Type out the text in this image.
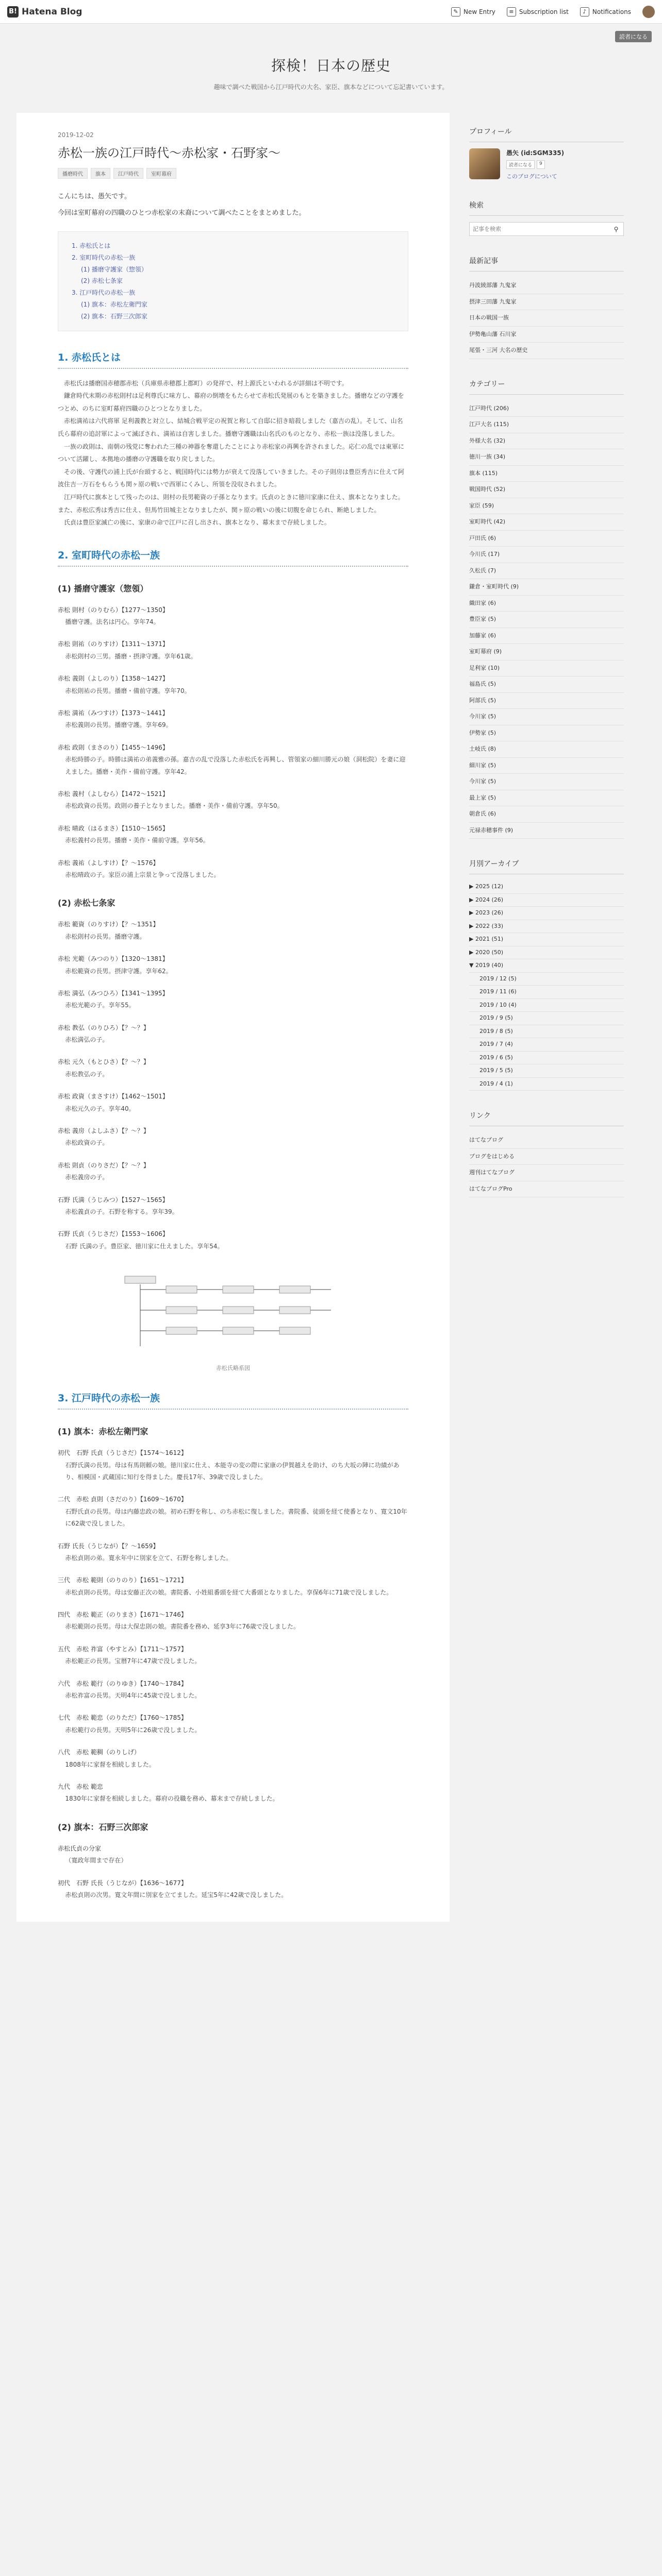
B! Hatena Blog	✎ New Entry	≡ Subscription list	♪ Notifications
読者になる
探検！日本の歴史
趣味で調べた戦国から江戸時代の大名、家臣、旗本などについて忘記書いています。
2019-12-02
赤松一族の江戸時代〜赤松家・石野家〜
播磨時代	旗本	江戸時代	室町幕府

こんにちは、愚矢です。

今回は室町幕府の四職のひとつ赤松家の末裔について調べたことをまとめました。

1. 赤松氏とは
2. 室町時代の赤松一族
(1) 播磨守護家（惣領）
(2) 赤松七条家
3. 江戸時代の赤松一族
(1) 旗本：赤松左衛門家
(2) 旗本：石野三次郎家
1. 赤松氏とは

赤松氏は播磨国赤穂郡赤松（兵庫県赤穂郡上郡町）の発祥で、村上源氏といわれるが詳細は不明です。

鎌倉時代末期の赤松則村は足利尊氏に味方し、幕府の倒壊をもたらせて赤松氏発展のもとを築きました。播磨などの守護をつとめ、のちに室町幕府四職のひとつとなりました。

赤松満祐は六代将軍 足利義教と対立し、結城合戦平定の祝賀と称して自邸に招き暗殺しました（嘉吉の乱）。そして、山名氏ら幕府の追討軍によって滅ぼされ、満祐は自害しました。播磨守護職は山名氏のものとなり、赤松一族は没落しました。

一族の政則は、南朝の残党に奪われた三種の神器を奪還したことにより赤松家の再興を許されました。応仁の乱では東軍について活躍し、本拠地の播磨の守護職を取り戻しました。

その後、守護代の浦上氏が台頭すると、戦国時代には勢力が衰えて没落していきました。その子則房は豊臣秀吉に仕えて阿波住吉一万石をもらうも関ヶ原の戦いで西軍にくみし、所領を没収されました。

江戸時代に旗本として残ったのは、則村の長男範資の子孫となります。氏貞のときに徳川家康に仕え、旗本となりました。また、赤松広秀は秀吉に仕え、但馬竹田城主となりましたが、関ヶ原の戦いの後に切腹を命じられ、断絶しました。

氏貞は豊臣家滅亡の後に、家康の命で江戸に召し出され、旗本となり、幕末まで存続しました。

2. 室町時代の赤松一族
(1) 播磨守護家（惣領）
赤松 則村（のりむら）【1277〜1350】
播磨守護。法名は円心。享年74。
赤松 則祐（のりすけ）【1311〜1371】
赤松則村の三男。播磨・摂津守護。享年61歳。
赤松 義則（よしのり）【1358〜1427】
赤松則祐の長男。播磨・備前守護。享年70。
赤松 満祐（みつすけ）【1373〜1441】
赤松義則の長男。播磨守護。享年69。
赤松 政則（まさのり）【1455〜1496】
赤松時勝の子。時勝は満祐の弟義雅の孫。嘉吉の乱で没落した赤松氏を再興し、管領家の細川勝元の娘（洞松院）を妻に迎えました。播磨・美作・備前守護。享年42。
赤松 義村（よしむら）【1472〜1521】
赤松政資の長男。政則の養子となりました。播磨・美作・備前守護。享年50。
赤松 晴政（はるまさ）【1510〜1565】
赤松義村の長男。播磨・美作・備前守護。享年56。
赤松 義祐（よしすけ）【？〜1576】
赤松晴政の子。家臣の浦上宗景と争って没落しました。
(2) 赤松七条家
赤松 範資（のりすけ）【？〜1351】
赤松則村の長男。播磨守護。
赤松 光範（みつのり）【1320〜1381】
赤松範資の長男。摂津守護。享年62。
赤松 満弘（みつひろ）【1341〜1395】
赤松光範の子。享年55。
赤松 教弘（のりひろ）【？〜？】
赤松満弘の子。
赤松 元久（もとひさ）【？〜？】
赤松教弘の子。
赤松 政資（まさすけ）【1462〜1501】
赤松元久の子。享年40。
赤松 義房（よしふさ）【？〜？】
赤松政資の子。
赤松 則貞（のりさだ）【？〜？】
赤松義房の子。
石野 氏満（うじみつ）【1527〜1565】
赤松義貞の子。石野を称する。享年39。
石野 氏貞（うじさだ）【1553〜1606】
石野 氏満の子。豊臣家、徳川家に仕えました。享年54。
赤松氏略系図
3. 江戸時代の赤松一族
(1) 旗本：赤松左衛門家
初代　石野 氏貞（うじさだ）【1574〜1612】
石野氏満の長男。母は有馬則頼の娘。徳川家に仕え、本能寺の変の際に家康の伊賀越えを助け、のち大坂の陣に功績があり、相模国・武蔵国に知行を得ました。慶長17年、39歳で没しました。
二代　赤松 貞則（さだのり）【1609〜1670】
石野氏貞の長男。母は内藤忠政の娘。初め石野を称し、のち赤松に復しました。書院番、徒頭を経て使番となり、寛文10年に62歳で没しました。
石野 氏長（うじなが）【？〜1659】
赤松貞則の弟。寛永年中に別家を立て、石野を称しました。
三代　赤松 範則（のりのり）【1651〜1721】
赤松貞則の長男。母は安藤正次の娘。書院番、小姓組番頭を経て大番頭となりました。享保6年に71歳で没しました。
四代　赤松 範正（のりまさ）【1671〜1746】
赤松範則の長男。母は大保忠則の娘。書院番を務め、延享3年に76歳で没しました。
五代　赤松 祚富（やすとみ）【1711〜1757】
赤松範正の長男。宝暦7年に47歳で没しました。
六代　赤松 範行（のりゆき）【1740〜1784】
赤松祚富の長男。天明4年に45歳で没しました。
七代　赤松 範忠（のりただ）【1760〜1785】
赤松範行の長男。天明5年に26歳で没しました。
八代　赤松 範稠（のりしげ）
1808年に家督を相続しました。
九代　赤松 範忠
1830年に家督を相続しました。幕府の役職を務め、幕末まで存続しました。
(2) 旗本：石野三次郎家
赤松氏貞の分家
（寛政年間まで存在）
初代　石野 氏長（うじなが）【1636〜1677】
赤松貞則の次男。寛文年間に別家を立てました。延宝5年に42歳で没しました。
プロフィール
愚矢 (id:SGM335)
読者になる	9
このブログについて
検索
記事を検索
⚲
最新記事
丹波綾部藩 九鬼家
摂津三田藩 九鬼家
日本の戦国一族
伊勢亀山藩 石川家
尾張・三河 大名の歴史
カテゴリー
江戸時代 (206)
江戸大名 (115)
外様大名 (32)
徳川一族 (34)
旗本 (115)
戦国時代 (52)
家臣 (59)
室町時代 (42)
戸田氏 (6)
今川氏 (17)
久松氏 (7)
鎌倉・室町時代 (9)
織田家 (6)
豊臣家 (5)
加藤家 (6)
室町幕府 (9)
足利家 (10)
福島氏 (5)
阿部氏 (5)
今川家 (5)
伊勢家 (5)
土岐氏 (8)
細川家 (5)
今川家 (5)
最上家 (5)
朝倉氏 (6)
元禄赤穂事件 (9)
月別アーカイブ
▶ 2025 (12)
▶ 2024 (26)
▶ 2023 (26)
▶ 2022 (33)
▶ 2021 (51)
▶ 2020 (50)
▼ 2019 (40)
2019 / 12 (5)
2019 / 11 (6)
2019 / 10 (4)
2019 / 9 (5)
2019 / 8 (5)
2019 / 7 (4)
2019 / 6 (5)
2019 / 5 (5)
2019 / 4 (1)
リンク
はてなブログ
ブログをはじめる
週刊はてなブログ
はてなブログPro
